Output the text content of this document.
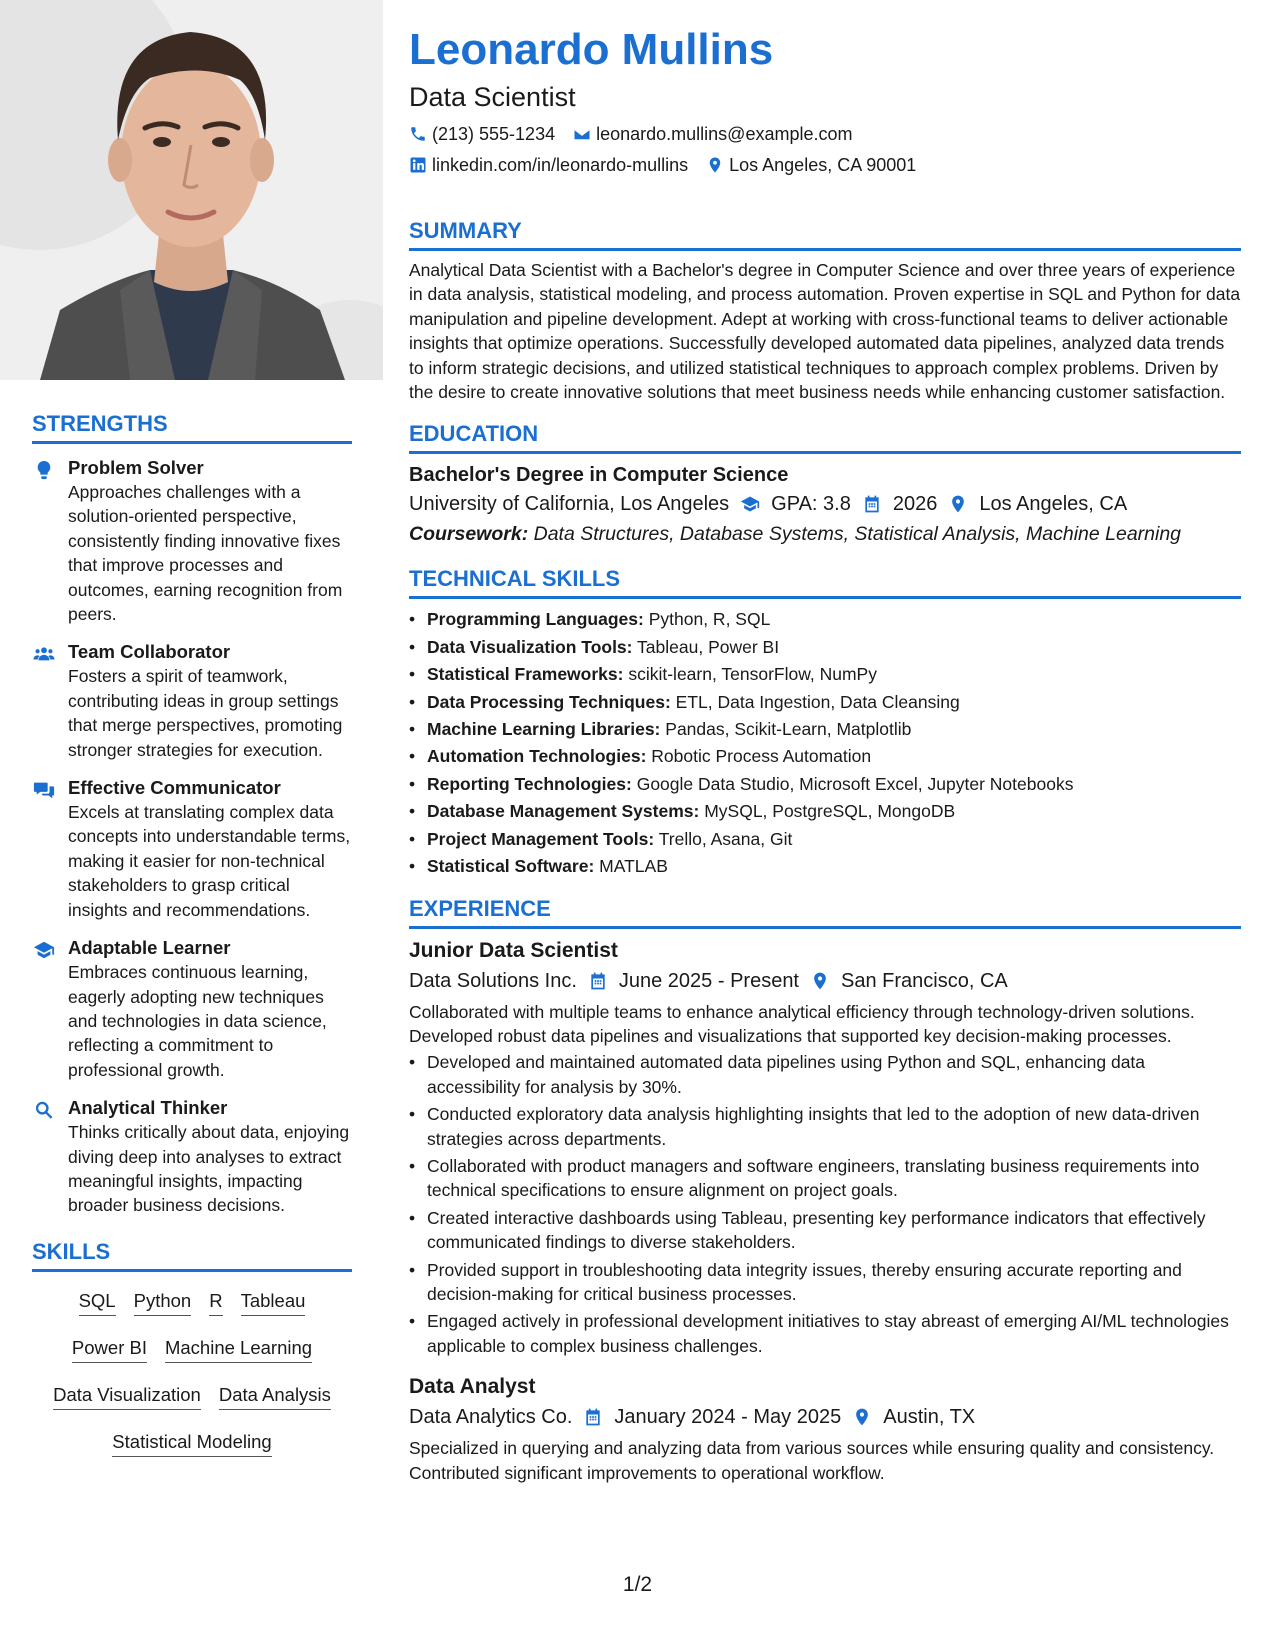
Leonardo Mullins
Data Scientist
(213) 555-1234 leonardo.mullins@example.com
linkedin.com/in/leonardo-mullins Los Angeles, CA 90001
SUMMARY

Analytical Data Scientist with a Bachelor's degree in Computer Science and over three years of experience in data analysis, statistical modeling, and process automation. Proven expertise in SQL and Python for data manipulation and pipeline development. Adept at working with cross-functional teams to deliver actionable insights that optimize operations. Successfully developed automated data pipelines, analyzed data trends to inform strategic decisions, and utilized statistical techniques to approach complex problems. Driven by the desire to create innovative solutions that meet business needs while enhancing customer satisfaction.

EDUCATION
Bachelor's Degree in Computer Science
University of California, Los Angeles GPA: 3.8 2026 Los Angeles, CA
Coursework: Data Structures, Database Systems, Statistical Analysis, Machine Learning
TECHNICAL SKILLS
• Programming Languages: Python, R, SQL
• Data Visualization Tools: Tableau, Power BI
• Statistical Frameworks: scikit-learn, TensorFlow, NumPy
• Data Processing Techniques: ETL, Data Ingestion, Data Cleansing
• Machine Learning Libraries: Pandas, Scikit-Learn, Matplotlib
• Automation Technologies: Robotic Process Automation
• Reporting Technologies: Google Data Studio, Microsoft Excel, Jupyter Notebooks
• Database Management Systems: MySQL, PostgreSQL, MongoDB
• Project Management Tools: Trello, Asana, Git
• Statistical Software: MATLAB
EXPERIENCE
Junior Data Scientist
Data Solutions Inc. June 2025 - Present San Francisco, CA
Collaborated with multiple teams to enhance analytical efficiency through technology-driven solutions. Developed robust data pipelines and visualizations that supported key decision-making processes.
• Developed and maintained automated data pipelines using Python and SQL, enhancing data accessibility for analysis by 30%.
• Conducted exploratory data analysis highlighting insights that led to the adoption of new data-driven strategies across departments.
• Collaborated with product managers and software engineers, translating business requirements into technical specifications to ensure alignment on project goals.
• Created interactive dashboards using Tableau, presenting key performance indicators that effectively communicated findings to diverse stakeholders.
• Provided support in troubleshooting data integrity issues, thereby ensuring accurate reporting and decision-making for critical business processes.
• Engaged actively in professional development initiatives to stay abreast of emerging AI/ML technologies applicable to complex business challenges.
Data Analyst
Data Analytics Co. January 2024 - May 2025 Austin, TX
Specialized in querying and analyzing data from various sources while ensuring quality and consistency. Contributed significant improvements to operational workflow.
STRENGTHS
Problem Solver
Approaches challenges with a solution-oriented perspective, consistently finding innovative fixes that improve processes and outcomes, earning recognition from peers.
Team Collaborator
Fosters a spirit of teamwork, contributing ideas in group settings that merge perspectives, promoting stronger strategies for execution.
Effective Communicator
Excels at translating complex data concepts into understandable terms, making it easier for non-technical stakeholders to grasp critical insights and recommendations.
Adaptable Learner
Embraces continuous learning, eagerly adopting new techniques and technologies in data science, reflecting a commitment to professional growth.
Analytical Thinker
Thinks critically about data, enjoying diving deep into analyses to extract meaningful insights, impacting broader business decisions.
SKILLS
SQL Python R Tableau
Power BI Machine Learning
Data Visualization Data Analysis
Statistical Modeling
1/2
